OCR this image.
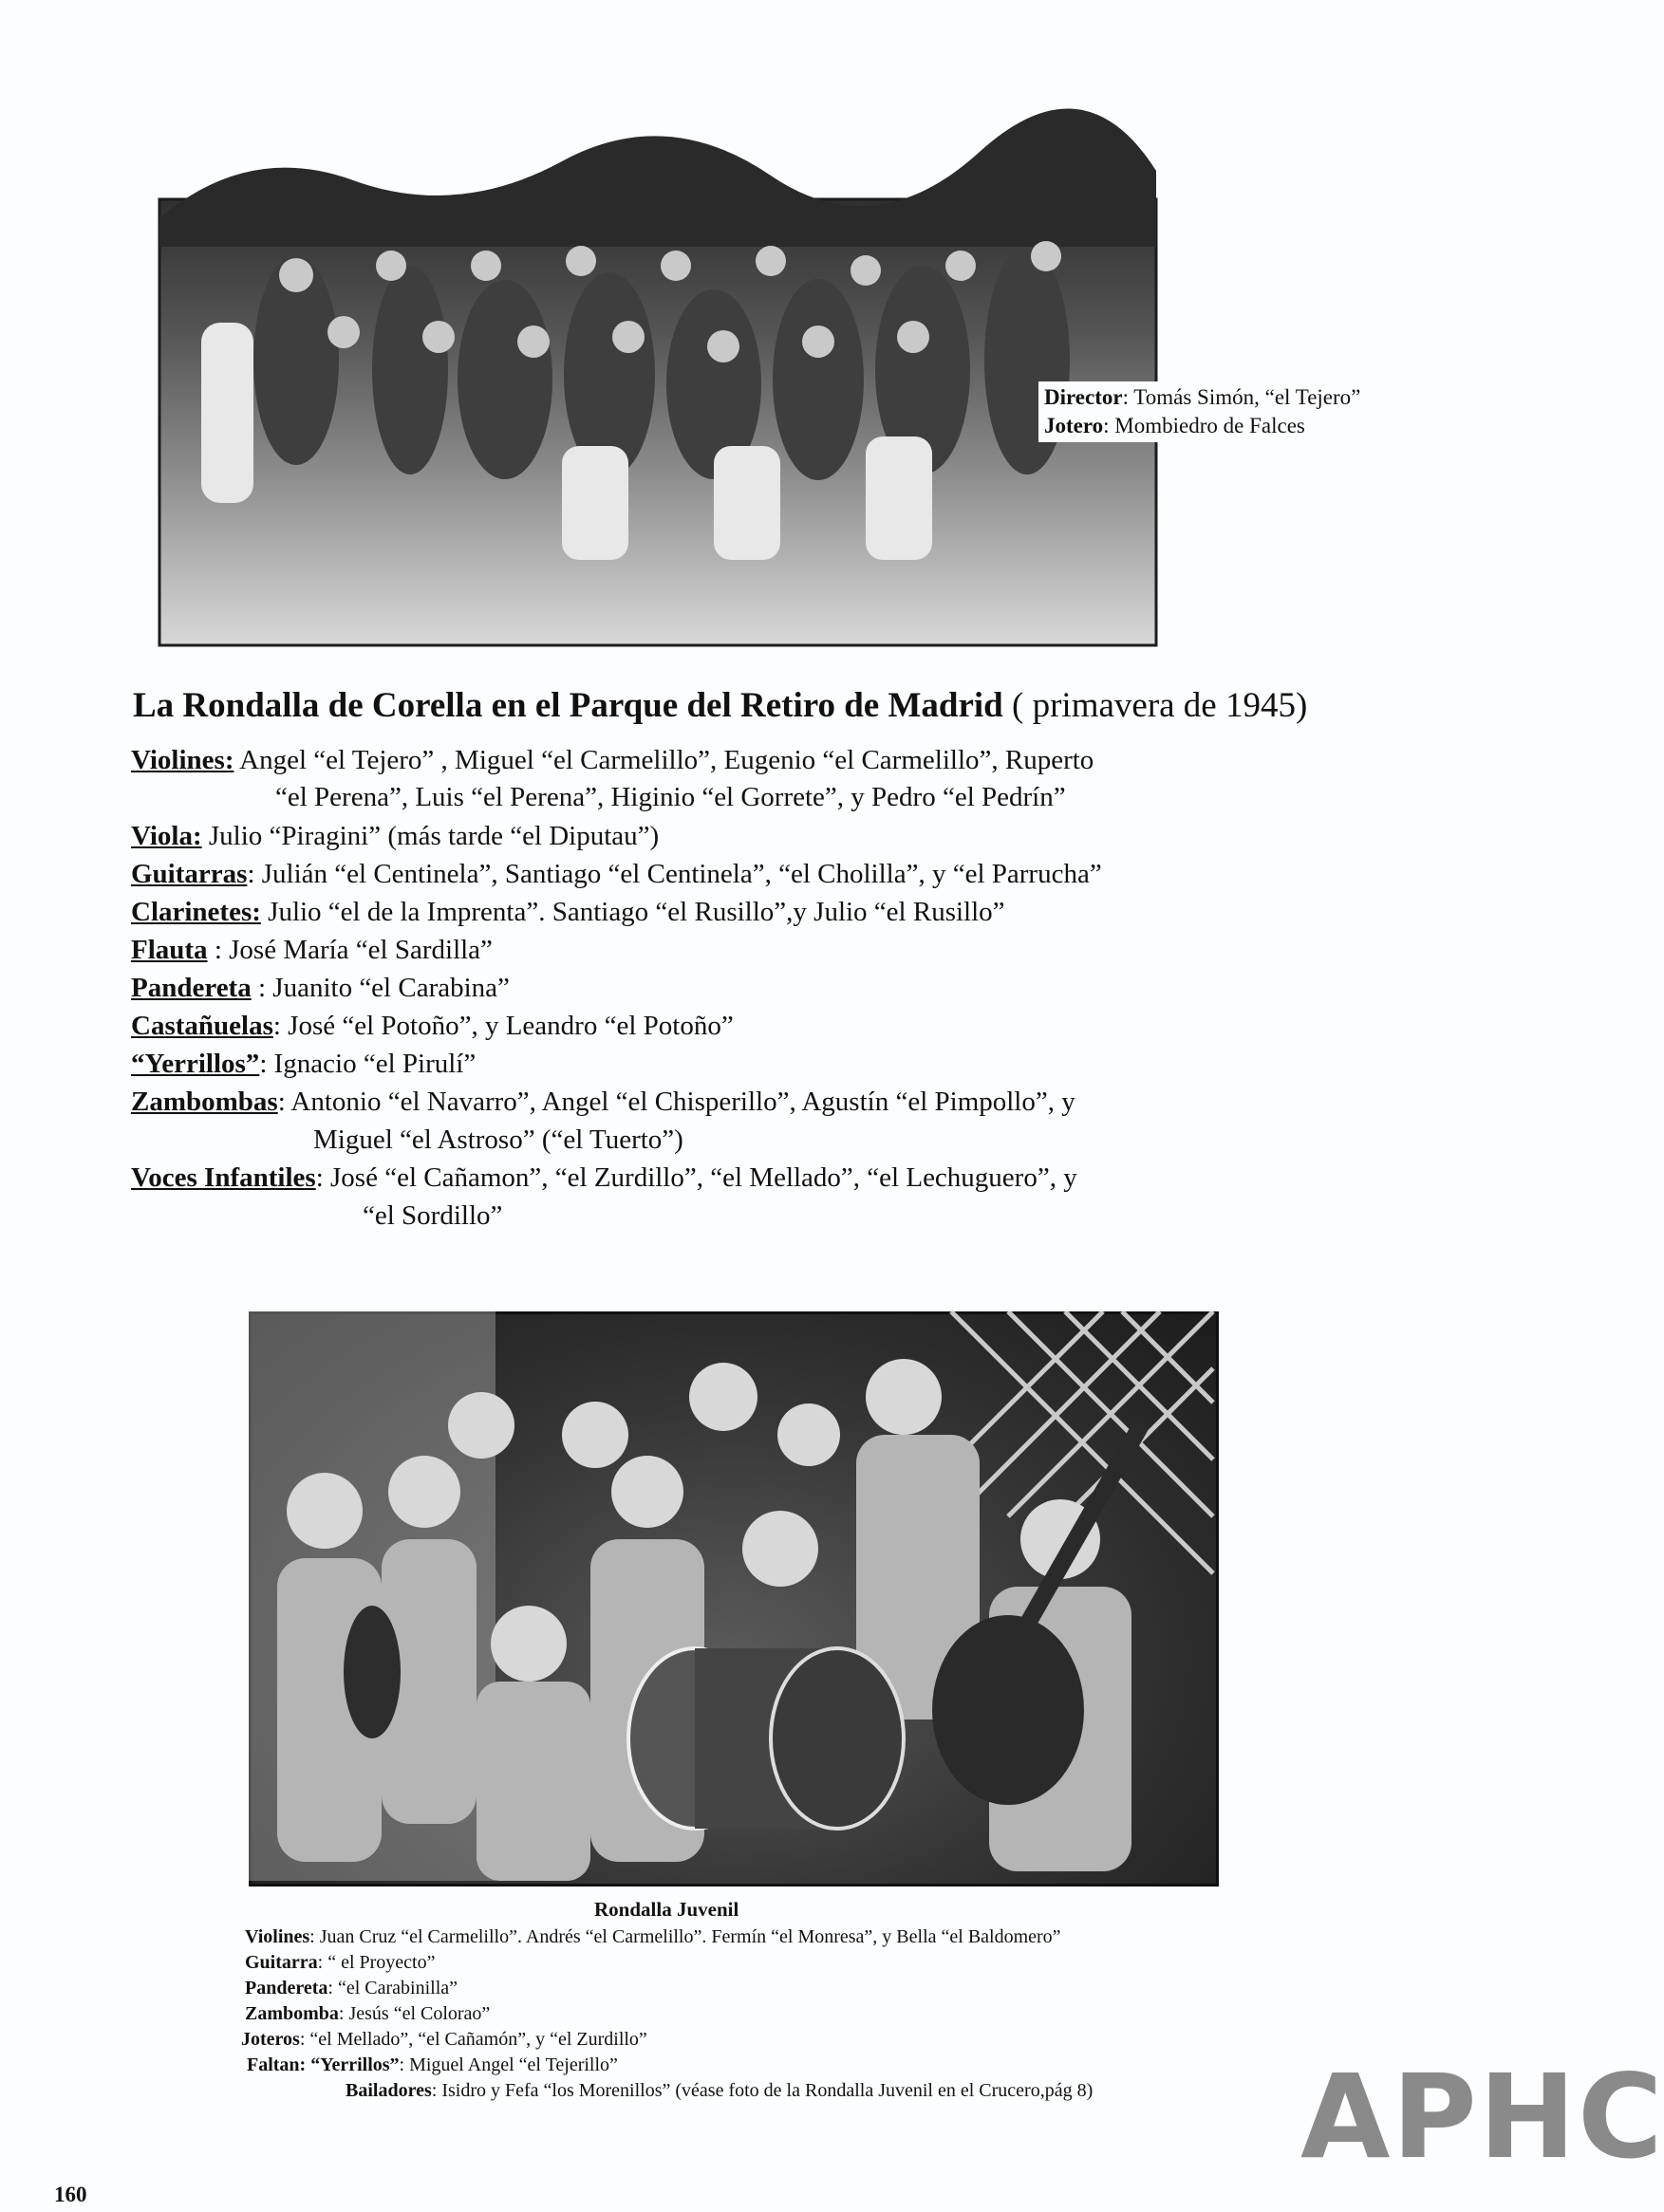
Director: Tomás Simón, “el Tejero”
Jotero: Mombiedro de Falces
La Rondalla de Corella en el Parque del Retiro de Madrid ( primavera de 1945)
Violines: Angel “el Tejero” , Miguel “el Carmelillo”, Eugenio “el Carmelillo”, Ruperto
“el Perena”, Luis “el Perena”, Higinio “el Gorrete”, y Pedro “el Pedrín”
Viola: Julio “Piragini” (más tarde “el Diputau”)
Guitarras: Julián “el Centinela”, Santiago “el Centinela”, “el Cholilla”, y “el Parrucha”
Clarinetes: Julio “el de la Imprenta”. Santiago “el Rusillo”,y Julio “el Rusillo”
Flauta : José María “el Sardilla”
Pandereta : Juanito “el Carabina”
Castañuelas: José “el Potoño”, y Leandro “el Potoño”
“Yerrillos”: Ignacio “el Pirulí”
Zambombas: Antonio “el Navarro”, Angel “el Chisperillo”, Agustín “el Pimpollo”, y
Miguel “el Astroso” (“el Tuerto”)
Voces Infantiles: José “el Cañamon”, “el Zurdillo”, “el Mellado”, “el Lechuguero”, y
“el Sordillo”
Rondalla Juvenil
Violines: Juan Cruz “el Carmelillo”. Andrés “el Carmelillo”. Fermín “el Monresa”, y Bella “el Baldomero”
Guitarra: “ el Proyecto”
Pandereta: “el Carabinilla”
Zambomba: Jesús “el Colorao”
Joteros: “el Mellado”, “el Cañamón”, y “el Zurdillo”
Faltan: “Yerrillos”: Miguel Angel “el Tejerillo”
Bailadores: Isidro y Fefa “los Morenillos” (véase foto de la Rondalla Juvenil en el Crucero,pág 8)
160
APHC
